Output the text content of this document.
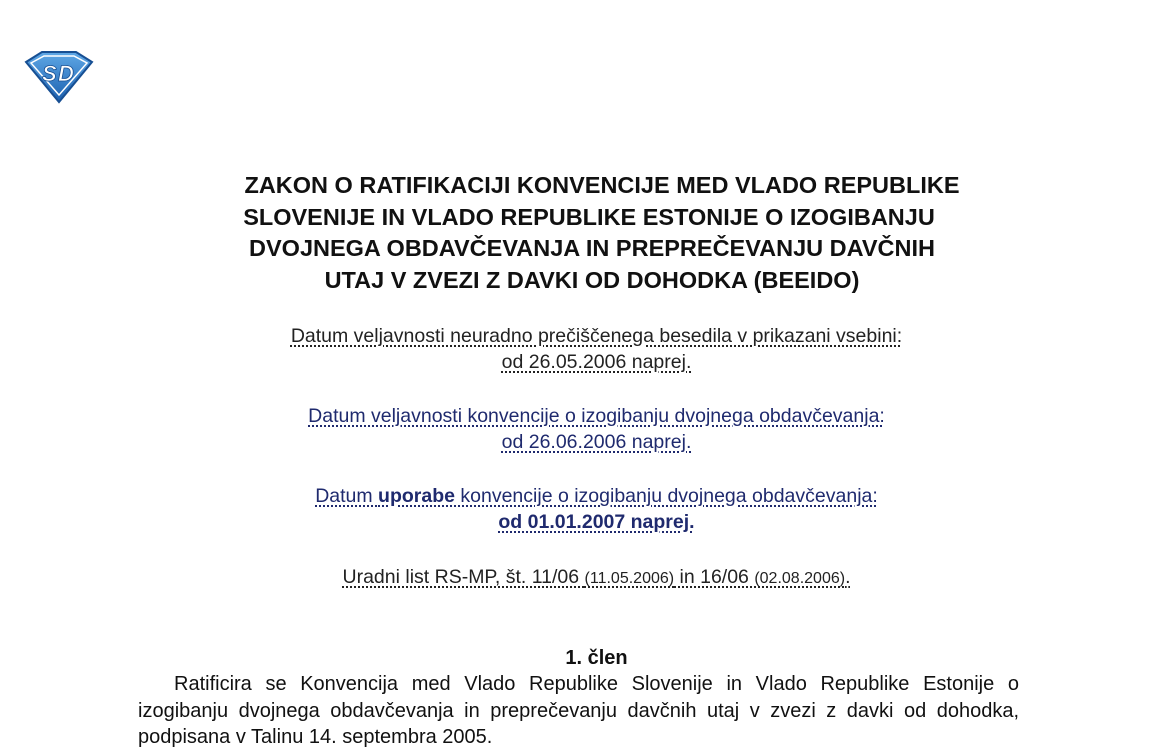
S D
ZAKON O RATIFIKACIJI KONVENCIJE MED VLADO REPUBLIKE
SLOVENIJE IN VLADO REPUBLIKE ESTONIJE O IZOGIBANJU
DVOJNEGA OBDAVČEVANJA IN PREPREČEVANJU DAVČNIH
UTAJ V ZVEZI Z DAVKI OD DOHODKA (BEEIDO)

Datum veljavnosti neuradno prečiščenega besedila v prikazani vsebini:
od 26.05.2006 naprej.

Datum veljavnosti konvencije o izogibanju dvojnega obdavčevanja:
od 26.06.2006 naprej.

Datum uporabe konvencije o izogibanju dvojnega obdavčevanja:
od 01.01.2007 naprej.

Uradni list RS-MP, št. 11/06 (11.05.2006) in 16/06 (02.08.2006).

1. člen

Ratificira se Konvencija med Vlado Republike Slovenije in Vlado Republike Estonije o izogibanju dvojnega obdavčevanja in preprečevanju davčnih utaj v zvezi z davki od dohodka, podpisana v Talinu 14. septembra 2005.
